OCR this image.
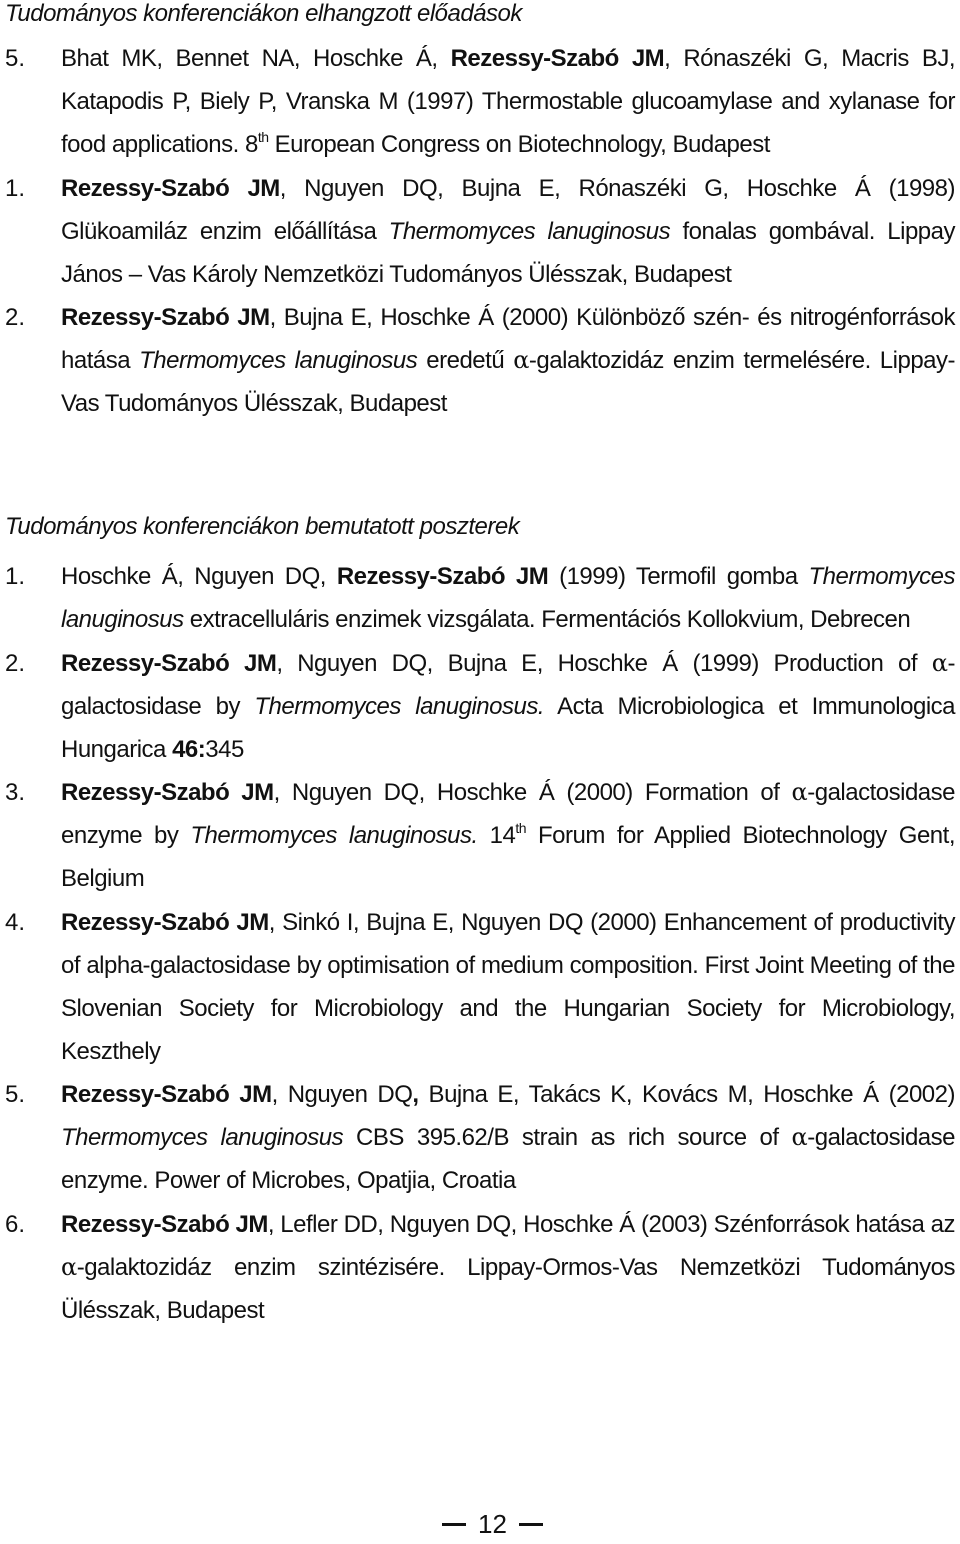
Tudományos konferenciákon elhangzott előadások
5. Bhat MK, Bennet NA, Hoschke Á, Rezessy-Szabó JM, Rónaszéki G, Macris BJ, Katapodis P, Biely P, Vranska M (1997) Thermostable glucoamylase and xylanase for food applications. 8th European Congress on Biotechnology, Budapest
1. Rezessy-Szabó JM, Nguyen DQ, Bujna E, Rónaszéki G, Hoschke Á (1998) Glükoamiláz enzim előállítása Thermomyces lanuginosus fonalas gombával. Lippay János – Vas Károly Nemzetközi Tudományos Ülésszak, Budapest
2. Rezessy-Szabó JM, Bujna E, Hoschke Á (2000) Különböző szén- és nitrogénforrások hatása Thermomyces lanuginosus eredetű α-galaktozidáz enzim termelésére. Lippay-Vas Tudományos Ülésszak, Budapest
Tudományos konferenciákon bemutatott poszterek
1. Hoschke Á, Nguyen DQ, Rezessy-Szabó JM (1999) Termofil gomba Thermomyces lanuginosus extracelluláris enzimek vizsgálata. Fermentációs Kollokvium, Debrecen
2. Rezessy-Szabó JM, Nguyen DQ, Bujna E, Hoschke Á (1999) Production of α-galactosidase by Thermomyces lanuginosus. Acta Microbiologica et Immunologica Hungarica 46:345
3. Rezessy-Szabó JM, Nguyen DQ, Hoschke Á (2000) Formation of α-galactosidase enzyme by Thermomyces lanuginosus. 14th Forum for Applied Biotechnology Gent, Belgium
4. Rezessy-Szabó JM, Sinkó I, Bujna E, Nguyen DQ (2000) Enhancement of productivity of alpha-galactosidase by optimisation of medium composition. First Joint Meeting of the Slovenian Society for Microbiology and the Hungarian Society for Microbiology, Keszthely
5. Rezessy-Szabó JM, Nguyen DQ, Bujna E, Takács K, Kovács M, Hoschke Á (2002) Thermomyces lanuginosus CBS 395.62/B strain as rich source of α-galactosidase enzyme. Power of Microbes, Opatjia, Croatia
6. Rezessy-Szabó JM, Lefler DD, Nguyen DQ, Hoschke Á (2003) Szénforrások hatása az α-galaktozidáz enzim szintézisére. Lippay-Ormos-Vas Nemzetközi Tudományos Ülésszak, Budapest
12
